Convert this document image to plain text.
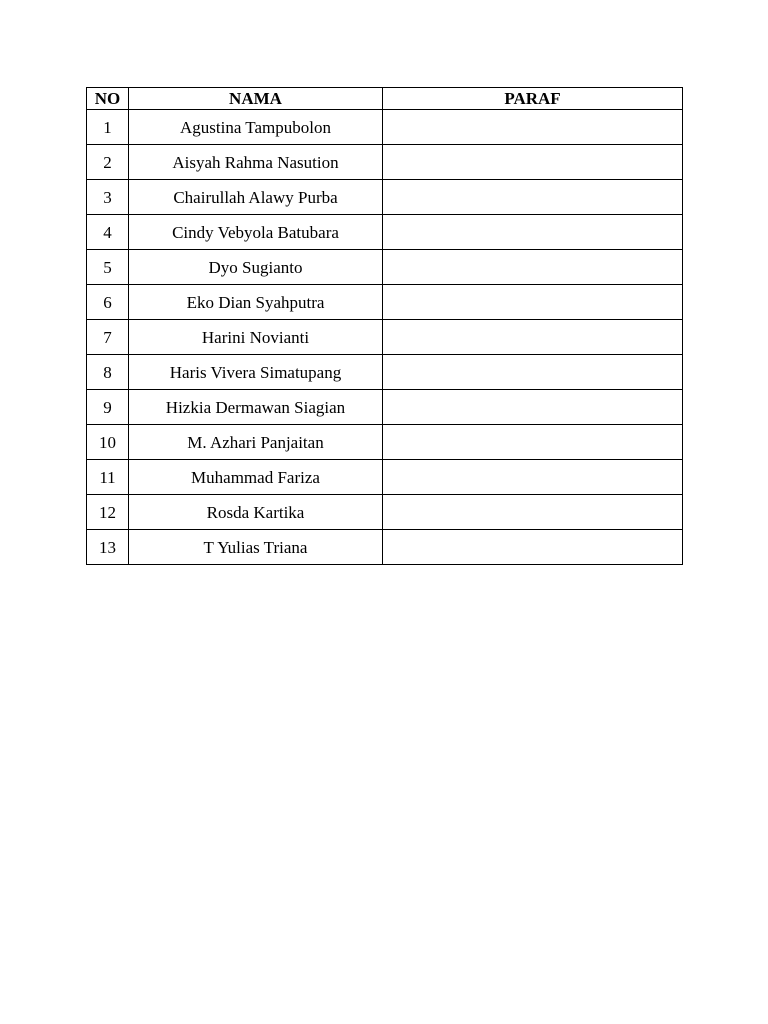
NO	NAMA	PARAF
1	Agustina Tampubolon	
2	Aisyah Rahma Nasution	
3	Chairullah Alawy Purba	
4	Cindy Vebyola Batubara	
5	Dyo Sugianto	
6	Eko Dian Syahputra	
7	Harini Novianti	
8	Haris Vivera Simatupang	
9	Hizkia Dermawan Siagian	
10	M. Azhari Panjaitan	
11	Muhammad Fariza	
12	Rosda Kartika	
13	T Yulias Triana	
